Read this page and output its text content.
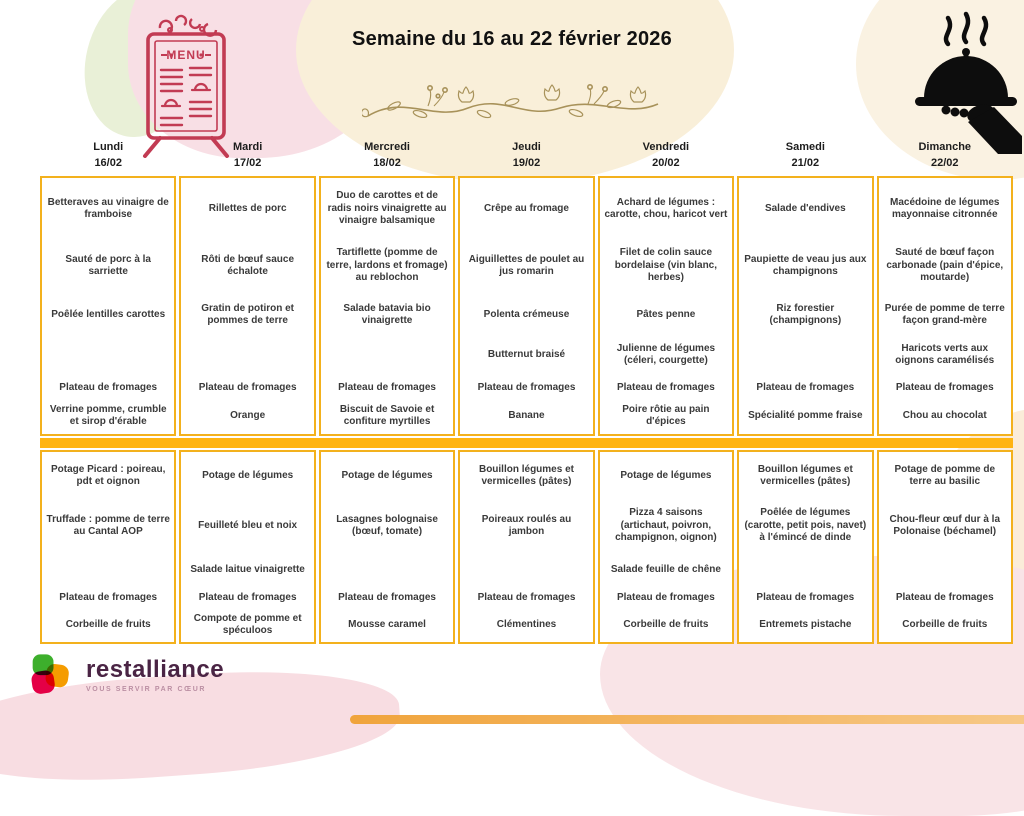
MENU
Semaine du 16 au 22 février 2026
Lundi
16/02
Mardi
17/02
Mercredi
18/02
Jeudi
19/02
Vendredi
20/02
Samedi
21/02
Dimanche
22/02
Betteraves au vinaigre de framboise
Sauté de porc à la sarriette
Poêlée lentilles carottes
Plateau de fromages
Verrine pomme, crumble et sirop d'érable
Rillettes de porc
Rôti de bœuf sauce échalote
Gratin de potiron et pommes de terre
Plateau de fromages
Orange
Duo de carottes et de radis noirs vinaigrette au vinaigre balsamique
Tartiflette (pomme de terre, lardons et fromage) au reblochon
Salade batavia bio vinaigrette
Plateau de fromages
Biscuit de Savoie et confiture myrtilles
Crêpe au fromage
Aiguillettes de poulet au jus romarin
Polenta crémeuse
Butternut braisé
Plateau de fromages
Banane
Achard de légumes : carotte, chou, haricot vert
Filet de colin sauce bordelaise (vin blanc, herbes)
Pâtes penne
Julienne de légumes (céleri, courgette)
Plateau de fromages
Poire rôtie au pain d'épices
Salade d'endives
Paupiette de veau jus aux champignons
Riz forestier (champignons)
Plateau de fromages
Spécialité pomme fraise
Macédoine de légumes mayonnaise citronnée
Sauté de bœuf façon carbonade (pain d'épice, moutarde)
Purée de pomme de terre façon grand-mère
Haricots verts aux oignons caramélisés
Plateau de fromages
Chou au chocolat
Potage Picard : poireau, pdt et oignon
Truffade : pomme de terre au Cantal AOP
Plateau de fromages
Corbeille de fruits
Potage de légumes
Feuilleté bleu et noix
Salade laitue vinaigrette
Plateau de fromages
Compote de pomme et spéculoos
Potage de légumes
Lasagnes bolognaise (bœuf, tomate)
Plateau de fromages
Mousse caramel
Bouillon légumes et vermicelles (pâtes)
Poireaux roulés au jambon
Plateau de fromages
Clémentines
Potage de légumes
Pizza 4 saisons (artichaut, poivron, champignon, oignon)
Salade feuille de chêne
Plateau de fromages
Corbeille de fruits
Bouillon légumes et vermicelles (pâtes)
Poêlée de légumes (carotte, petit pois, navet) à l'émincé de dinde
Plateau de fromages
Entremets pistache
Potage de pomme de terre au basilic
Chou-fleur œuf dur à la Polonaise (béchamel)
Plateau de fromages
Corbeille de fruits
restalliance
VOUS SERVIR PAR CŒUR
